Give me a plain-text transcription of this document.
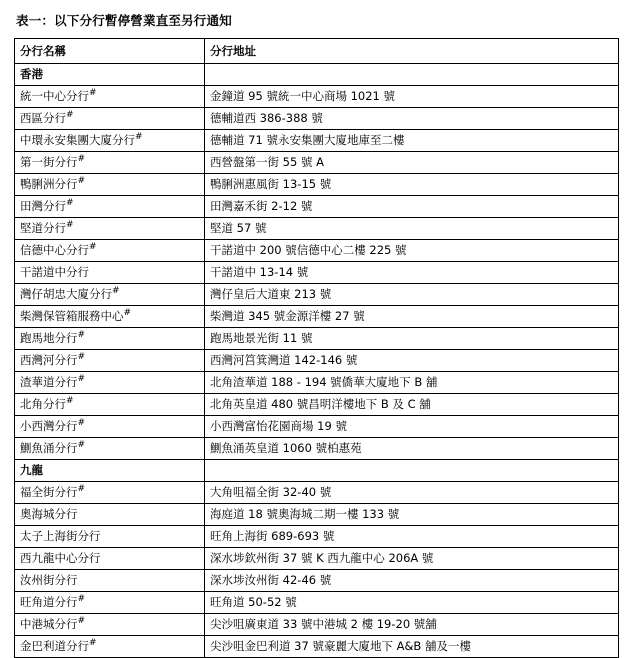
表一：以下分行暫停營業直至另行通知
分行名稱	分行地址
香港	
統一中心分行#	金鐘道 95 號統一中心商場 1021 號
西區分行#	德輔道西 386-388 號
中環永安集團大廈分行#	德輔道 71 號永安集團大廈地庫至二樓
第一街分行#	西營盤第一街 55 號 A
鴨脷洲分行#	鴨脷洲惠風街 13-15 號
田灣分行#	田灣嘉禾街 2-12 號
堅道分行#	堅道 57 號
信德中心分行#	干諾道中 200 號信德中心二樓 225 號
干諾道中分行	干諾道中 13-14 號
灣仔胡忠大廈分行#	灣仔皇后大道東 213 號
柴灣保管箱服務中心#	柴灣道 345 號金源洋樓 27 號
跑馬地分行#	跑馬地景光街 11 號
西灣河分行#	西灣河筥箕灣道 142-146 號
渣華道分行#	北角渣華道 188 - 194 號僑華大廈地下 B 舖
北角分行#	北角英皇道 480 號昌明洋樓地下 B 及 C 舖
小西灣分行#	小西灣富怡花園商場 19 號
鰂魚涌分行#	鰂魚涌英皇道 1060 號柏惠苑
九龍	
福全街分行#	大角咀福全街 32-40 號
奧海城分行	海庭道 18 號奧海城二期一樓 133 號
太子上海街分行	旺角上海街 689-693 號
西九龍中心分行	深水埗欽州街 37 號 K 西九龍中心 206A 號
汝州街分行	深水埗汝州街 42-46 號
旺角道分行#	旺角道 50-52 號
中港城分行#	尖沙咀廣東道 33 號中港城 2 樓 19-20 號舖
金巴利道分行#	尖沙咀金巴利道 37 號豪麗大廈地下 A&B 舖及一樓
